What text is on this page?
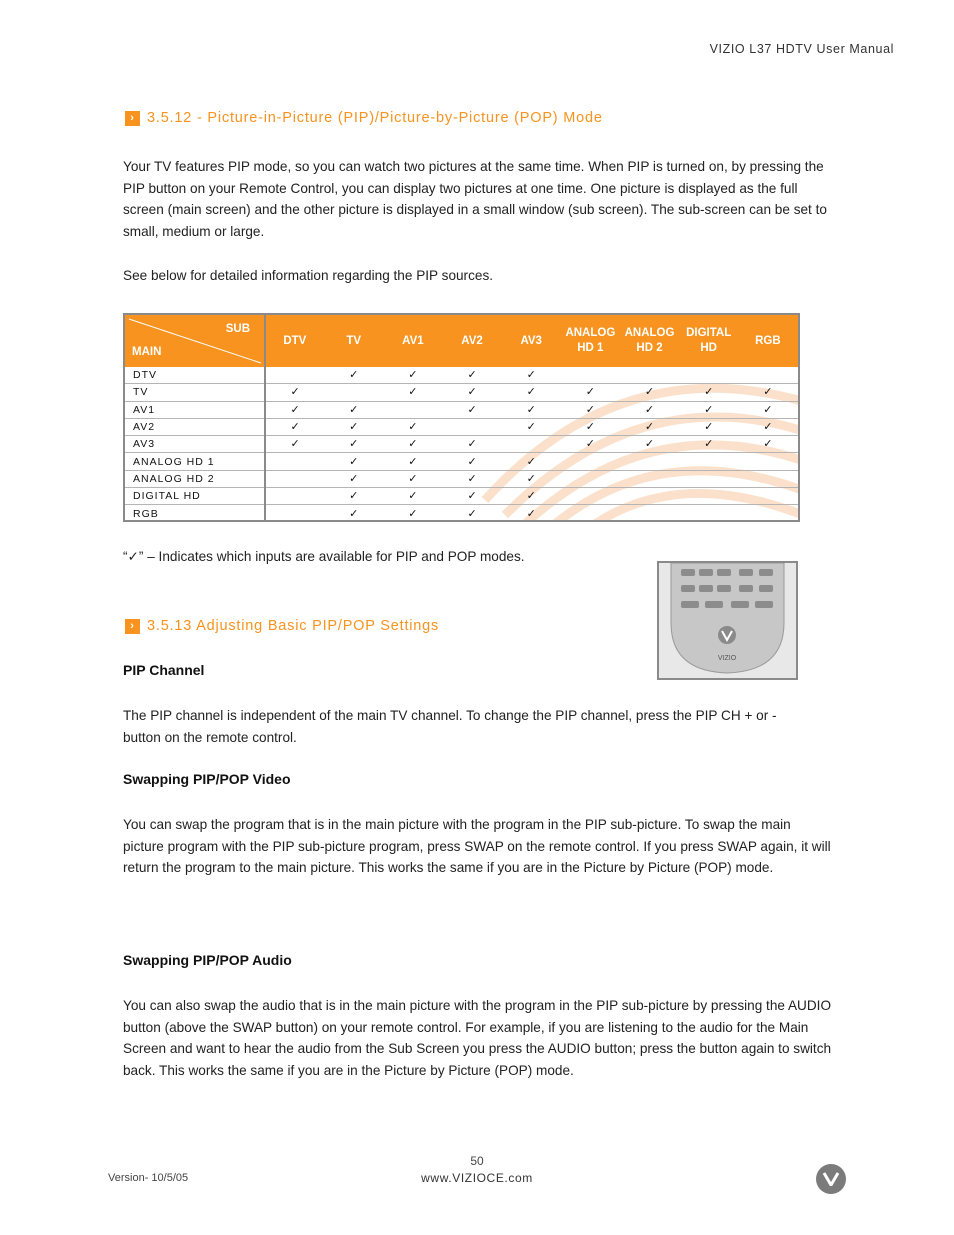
VIZIO L37 HDTV User Manual
› 3.5.12 - Picture-in-Picture (PIP)/Picture-by-Picture (POP) Mode

Your TV features PIP mode, so you can watch two pictures at the same time. When PIP is turned on, by pressing the PIP button on your Remote Control, you can display two pictures at one time. One picture is displayed as the full screen (main screen) and the other picture is displayed in a small window (sub screen). The sub-screen can be set to small, medium or large.

See below for detailed information regarding the PIP sources.

SUB
MAIN	DTV	TV	AV1	AV2	AV3	ANALOG HD 1	ANALOG HD 2	DIGITAL HD	RGB
DTV		✓	✓	✓	✓				
TV	✓		✓	✓	✓	✓	✓	✓	✓
AV1	✓	✓		✓	✓	✓	✓	✓	✓
AV2	✓	✓	✓		✓	✓	✓	✓	✓
AV3	✓	✓	✓	✓		✓	✓	✓	✓
ANALOG HD 1		✓	✓	✓	✓				
ANALOG HD 2		✓	✓	✓	✓				
DIGITAL HD		✓	✓	✓	✓				
RGB		✓	✓	✓	✓				
“✓” – Indicates which inputs are available for PIP and POP modes.
VIZIO
› 3.5.13 Adjusting Basic PIP/POP Settings
PIP Channel

The PIP channel is independent of the main TV channel. To change the PIP channel, press the PIP CH + or - button on the remote control.

Swapping PIP/POP Video

You can swap the program that is in the main picture with the program in the PIP sub-picture. To swap the main picture program with the PIP sub-picture program, press SWAP on the remote control. If you press SWAP again, it will return the program to the main picture. This works the same if you are in the Picture by Picture (POP) mode.

Swapping PIP/POP Audio

You can also swap the audio that is in the main picture with the program in the PIP sub-picture by pressing the AUDIO button (above the SWAP button) on your remote control. For example, if you are listening to the audio for the Main Screen and want to hear the audio from the Sub Screen you press the AUDIO button; press the button again to switch back. This works the same if you are in the Picture by Picture (POP) mode.

50
Version- 10/5/05	www.VIZIOCE.com
